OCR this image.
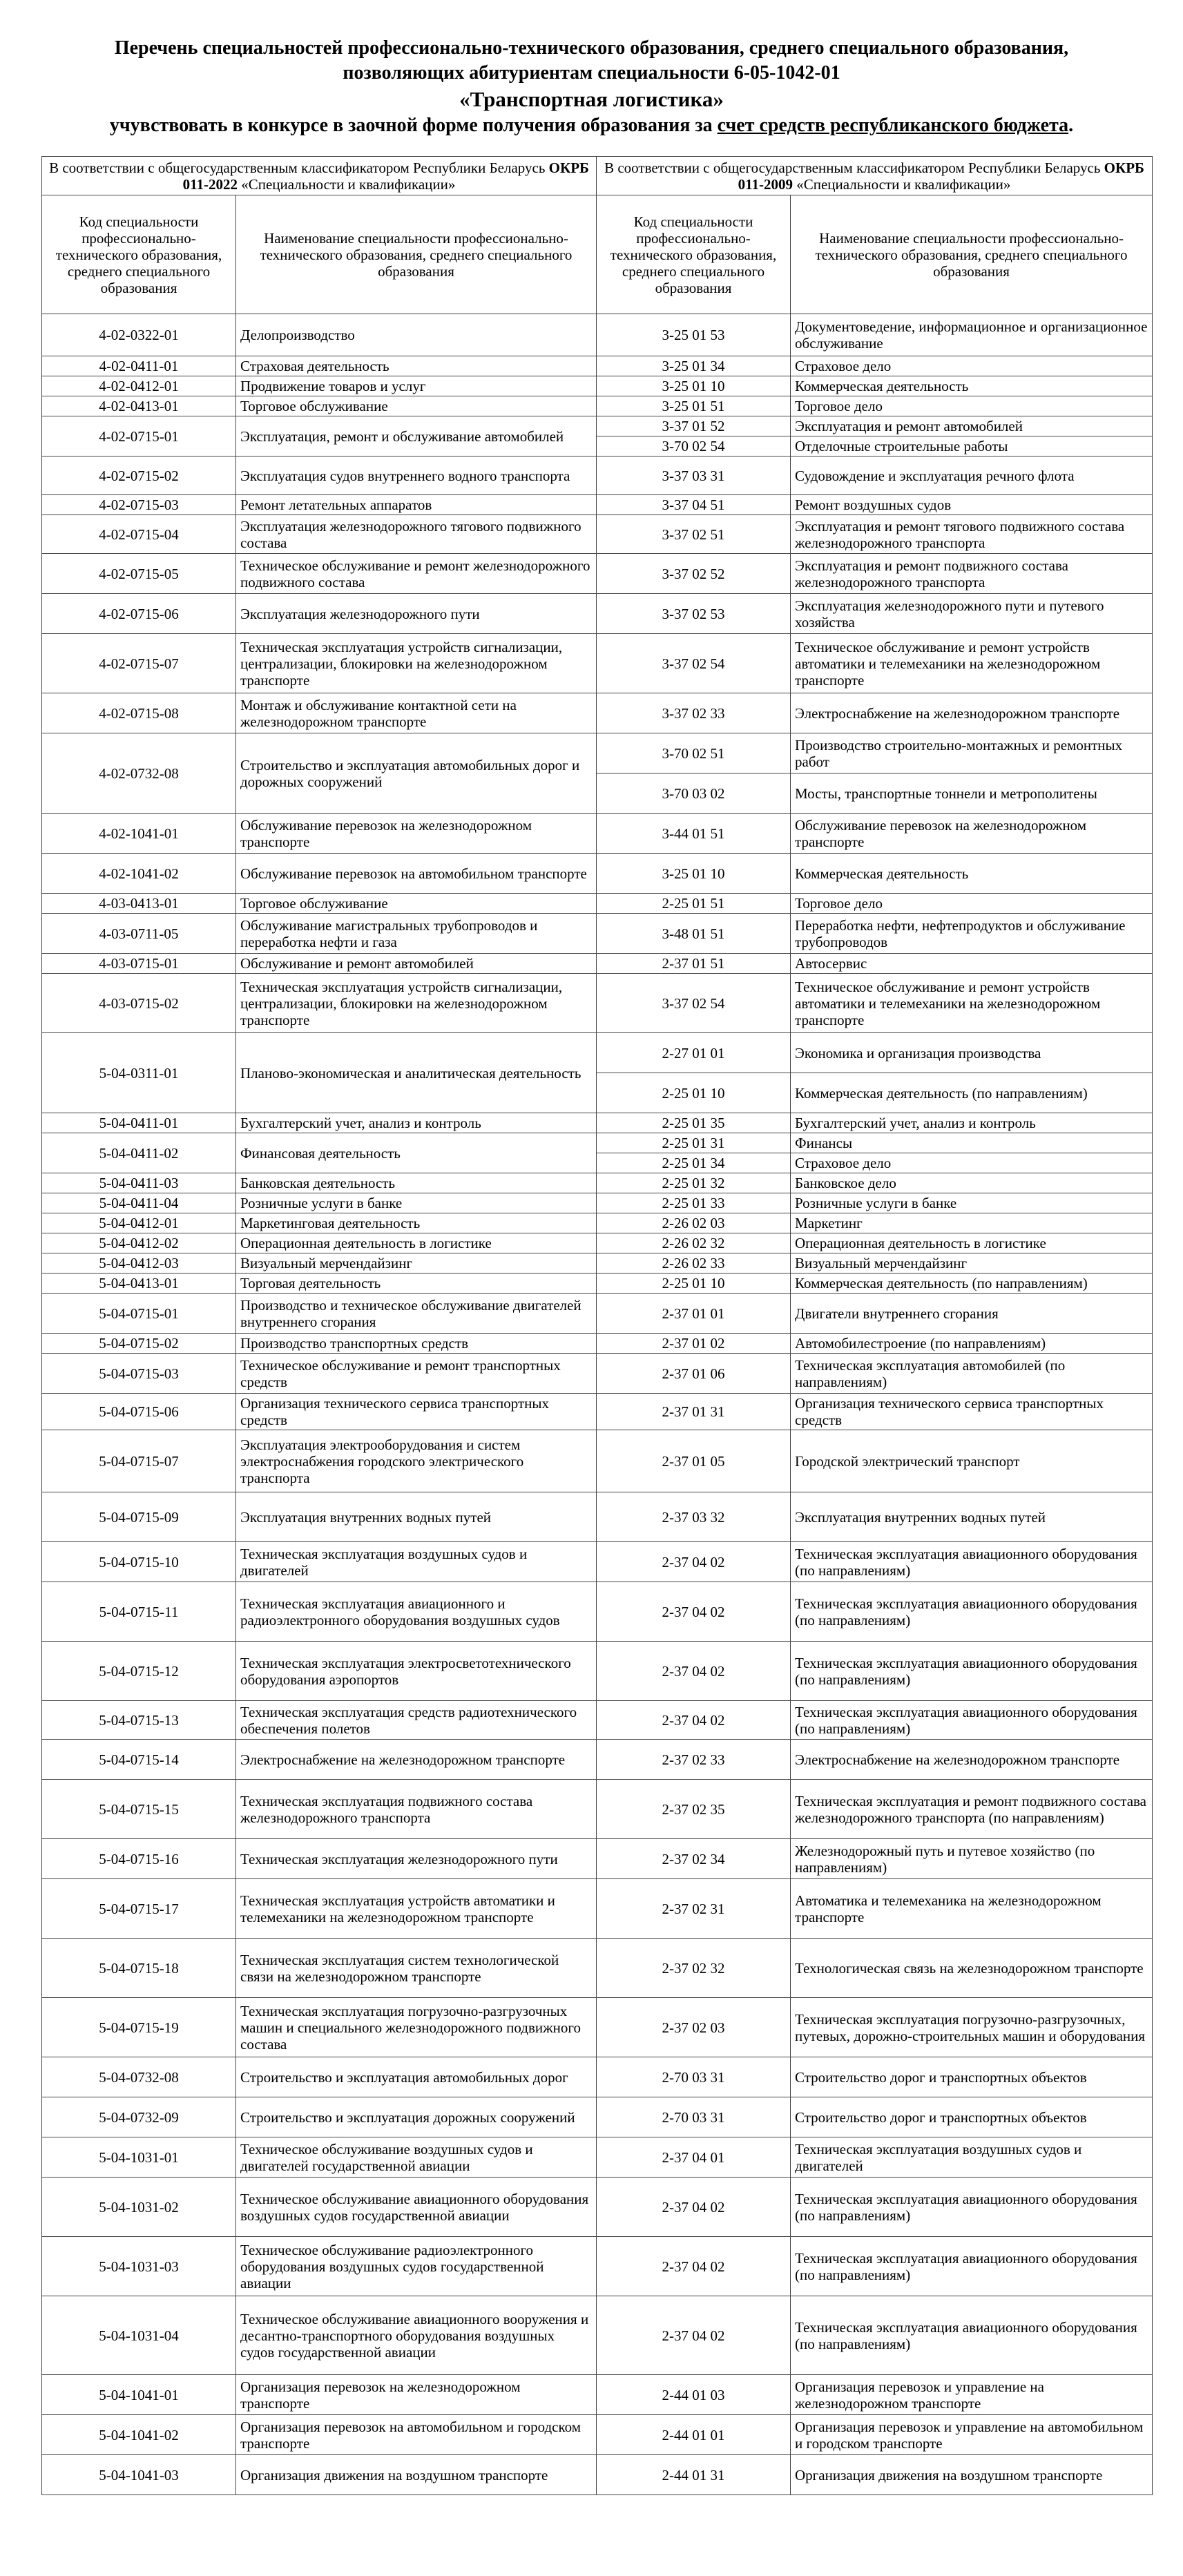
Перечень специальностей профессионально-технического образования, среднего специального образования,
позволяющих абитуриентам специальности 6-05-1042-01
«Транспортная логистика»
учувствовать в конкурсе в заочной форме получения образования за счет средств республиканского бюджета.
В соответствии с общегосударственным классификатором Республики Беларусь ОКРБ 011-2022 «Специальности и квалификации»		В соответствии с общегосударственным классификатором Республики Беларусь ОКРБ 011-2009 «Специальности и квалификации»	
Код специальности профессионально-технического образования, среднего специального образования	Наименование специальности профессионально-технического образования, среднего специального образования	Код специальности профессионально-технического образования, среднего специального образования	Наименование специальности профессионально-технического образования, среднего специального образования
4-02-0322-01	Делопроизводство	3-25 01 53	Документоведение, информационное и организационное обслуживание
4-02-0411-01	Страховая деятельность	3-25 01 34	Страховое дело
4-02-0412-01	Продвижение товаров и услуг	3-25 01 10	Коммерческая деятельность
4-02-0413-01	Торговое обслуживание	3-25 01 51	Торговое дело
4-02-0715-01	Эксплуатация, ремонт и обслуживание автомобилей	3-37 01 52	Эксплуатация и ремонт автомобилей
		3-70 02 54	Отделочные строительные работы
4-02-0715-02	Эксплуатация судов внутреннего водного транспорта	3-37 03 31	Судовождение и эксплуатация речного флота
4-02-0715-03	Ремонт летательных аппаратов	3-37 04 51	Ремонт воздушных судов
4-02-0715-04	Эксплуатация железнодорожного тягового подвижного состава	3-37 02 51	Эксплуатация и ремонт тягового подвижного состава железнодорожного транспорта
4-02-0715-05	Техническое обслуживание и ремонт железнодорожного подвижного состава	3-37 02 52	Эксплуатация и ремонт подвижного состава железнодорожного транспорта
4-02-0715-06	Эксплуатация железнодорожного пути	3-37 02 53	Эксплуатация железнодорожного пути и путевого хозяйства
4-02-0715-07	Техническая эксплуатация устройств сигнализации, централизации, блокировки на железнодорожном транспорте	3-37 02 54	Техническое обслуживание и ремонт устройств автоматики и телемеханики на железнодорожном транспорте
4-02-0715-08	Монтаж и обслуживание контактной сети на железнодорожном транспорте	3-37 02 33	Электроснабжение на железнодорожном транспорте
4-02-0732-08	Строительство и эксплуатация автомобильных дорог и дорожных сооружений	3-70 02 51	Производство строительно-монтажных и ремонтных работ
		3-70 03 02	Мосты, транспортные тоннели и метрополитены
4-02-1041-01	Обслуживание перевозок на железнодорожном транспорте	3-44 01 51	Обслуживание перевозок на железнодорожном транспорте
4-02-1041-02	Обслуживание перевозок на автомобильном транспорте	3-25 01 10	Коммерческая деятельность
4-03-0413-01	Торговое обслуживание	2-25 01 51	Торговое дело
4-03-0711-05	Обслуживание магистральных трубопроводов и переработка нефти и газа	3-48 01 51	Переработка нефти, нефтепродуктов и обслуживание трубопроводов
4-03-0715-01	Обслуживание и ремонт автомобилей	2-37 01 51	Автосервис
4-03-0715-02	Техническая эксплуатация устройств сигнализации, централизации, блокировки на железнодорожном транспорте	3-37 02 54	Техническое обслуживание и ремонт устройств автоматики и телемеханики на железнодорожном транспорте
5-04-0311-01	Планово-экономическая и аналитическая деятельность	2-27 01 01	Экономика и организация производства
		2-25 01 10	Коммерческая деятельность (по направлениям)
5-04-0411-01	Бухгалтерский учет, анализ и контроль	2-25 01 35	Бухгалтерский учет, анализ и контроль
5-04-0411-02	Финансовая деятельность	2-25 01 31	Финансы
		2-25 01 34	Страховое дело
5-04-0411-03	Банковская деятельность	2-25 01 32	Банковское дело
5-04-0411-04	Розничные услуги в банке	2-25 01 33	Розничные услуги в банке
5-04-0412-01	Маркетинговая деятельность	2-26 02 03	Маркетинг
5-04-0412-02	Операционная деятельность в логистике	2-26 02 32	Операционная деятельность в логистике
5-04-0412-03	Визуальный мерчендайзинг	2-26 02 33	Визуальный мерчендайзинг
5-04-0413-01	Торговая деятельность	2-25 01 10	Коммерческая деятельность (по направлениям)
5-04-0715-01	Производство и техническое обслуживание двигателей внутреннего сгорания	2-37 01 01	Двигатели внутреннего сгорания
5-04-0715-02	Производство транспортных средств	2-37 01 02	Автомобилестроение (по направлениям)
5-04-0715-03	Техническое обслуживание и ремонт транспортных средств	2-37 01 06	Техническая эксплуатация автомобилей (по направлениям)
5-04-0715-06	Организация технического сервиса транспортных средств	2-37 01 31	Организация технического сервиса транспортных средств
5-04-0715-07	Эксплуатация электрооборудования и систем электроснабжения городского электрического транспорта	2-37 01 05	Городской электрический транспорт
5-04-0715-09	Эксплуатация внутренних водных путей	2-37 03 32	Эксплуатация внутренних водных путей
5-04-0715-10	Техническая эксплуатация воздушных судов и двигателей	2-37 04 02	Техническая эксплуатация авиационного оборудования (по направлениям)
5-04-0715-11	Техническая эксплуатация авиационного и радиоэлектронного оборудования воздушных судов	2-37 04 02	Техническая эксплуатация авиационного оборудования (по направлениям)
5-04-0715-12	Техническая эксплуатация электросветотехнического оборудования аэропортов	2-37 04 02	Техническая эксплуатация авиационного оборудования (по направлениям)
5-04-0715-13	Техническая эксплуатация средств радиотехнического обеспечения полетов	2-37 04 02	Техническая эксплуатация авиационного оборудования (по направлениям)
5-04-0715-14	Электроснабжение на железнодорожном транспорте	2-37 02 33	Электроснабжение на железнодорожном транспорте
5-04-0715-15	Техническая эксплуатация подвижного состава железнодорожного транспорта	2-37 02 35	Техническая эксплуатация и ремонт подвижного состава железнодорожного транспорта (по направлениям)
5-04-0715-16	Техническая эксплуатация железнодорожного пути	2-37 02 34	Железнодорожный путь и путевое хозяйство (по направлениям)
5-04-0715-17	Техническая эксплуатация устройств автоматики и телемеханики на железнодорожном транспорте	2-37 02 31	Автоматика и телемеханика на железнодорожном транспорте
5-04-0715-18	Техническая эксплуатация систем технологической связи на железнодорожном транспорте	2-37 02 32	Технологическая связь на железнодорожном транспорте
5-04-0715-19	Техническая эксплуатация погрузочно-разгрузочных машин и специального железнодорожного подвижного состава	2-37 02 03	Техническая эксплуатация погрузочно-разгрузочных, путевых, дорожно-строительных машин и оборудования
5-04-0732-08	Строительство и эксплуатация автомобильных дорог	2-70 03 31	Строительство дорог и транспортных объектов
5-04-0732-09	Строительство и эксплуатация дорожных сооружений	2-70 03 31	Строительство дорог и транспортных объектов
5-04-1031-01	Техническое обслуживание воздушных судов и двигателей государственной авиации	2-37 04 01	Техническая эксплуатация воздушных судов и двигателей
5-04-1031-02	Техническое обслуживание авиационного оборудования воздушных судов государственной авиации	2-37 04 02	Техническая эксплуатация авиационного оборудования (по направлениям)
5-04-1031-03	Техническое обслуживание радиоэлектронного оборудования воздушных судов государственной авиации	2-37 04 02	Техническая эксплуатация авиационного оборудования (по направлениям)
5-04-1031-04	Техническое обслуживание авиационного вооружения и десантно-транспортного оборудования воздушных судов государственной авиации	2-37 04 02	Техническая эксплуатация авиационного оборудования (по направлениям)
5-04-1041-01	Организация перевозок на железнодорожном транспорте	2-44 01 03	Организация перевозок и управление на железнодорожном транспорте
5-04-1041-02	Организация перевозок на автомобильном и городском транспорте	2-44 01 01	Организация перевозок и управление на автомобильном и городском транспорте
5-04-1041-03	Организация движения на воздушном транспорте	2-44 01 31	Организация движения на воздушном транспорте
